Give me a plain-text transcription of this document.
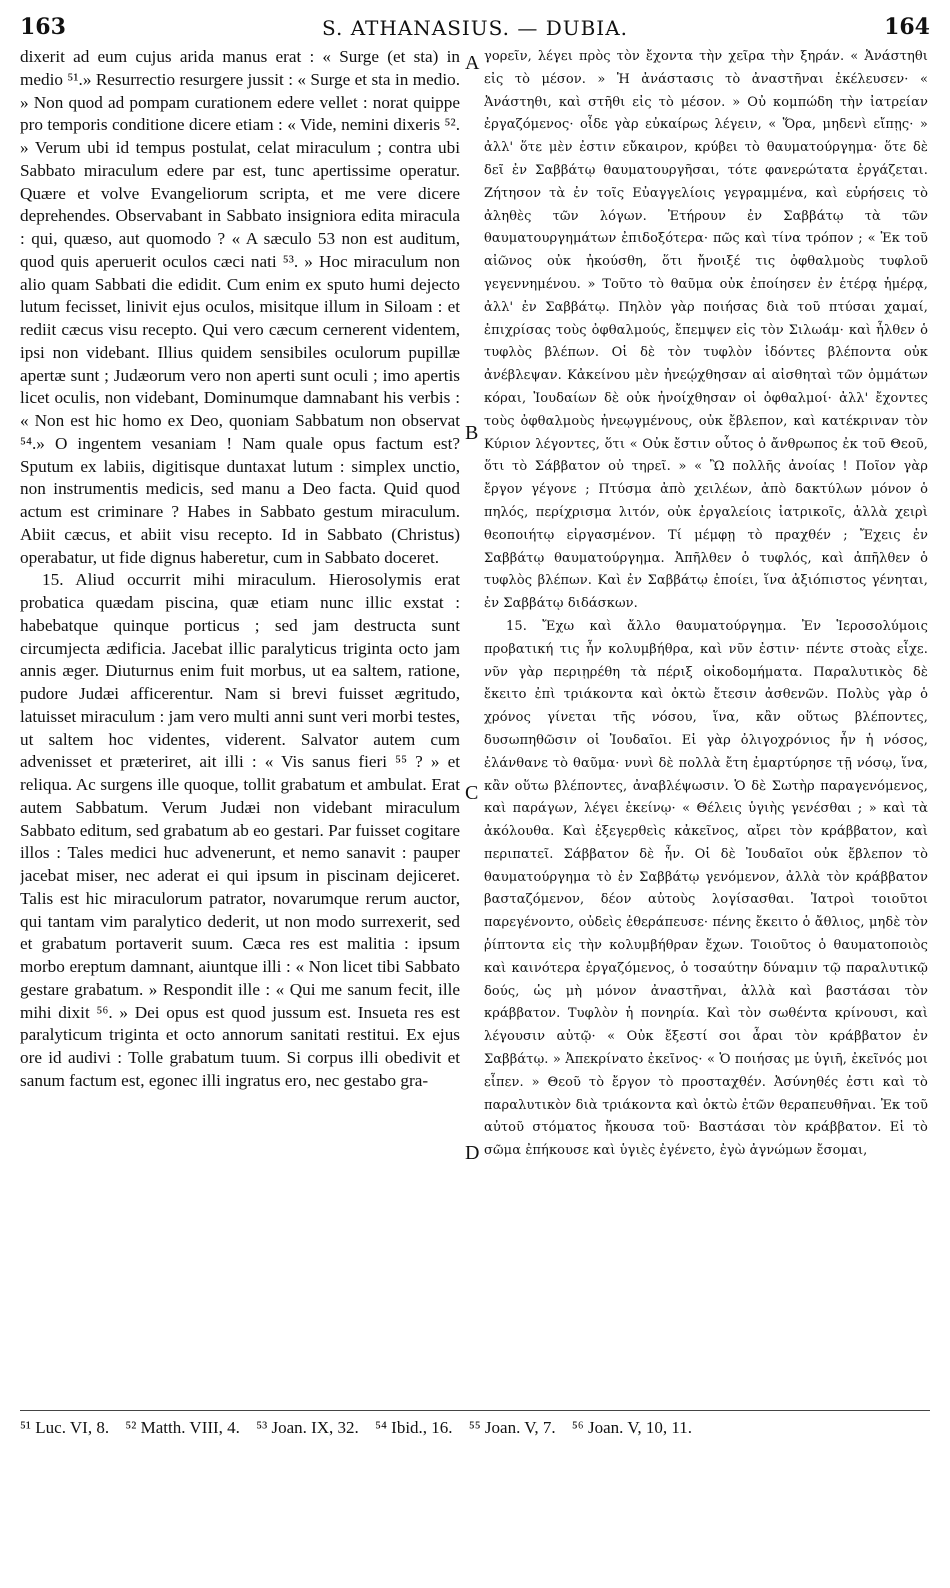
163	S. ATHANASIUS. — DUBIA.	164

dixerit ad eum cujus arida manus erat : « Surge (et sta) in medio ⁵¹.» Resurrectio resurgere jussit : « Surge et sta in medio. » Non quod ad pompam curationem edere vellet : norat quippe pro temporis conditione dicere etiam : « Vide, nemini dixeris ⁵². » Verum ubi id tempus postulat, celat miraculum ; contra ubi Sabbato miraculum edere par est, tunc apertissime operatur. Quære et volve Evangeliorum scripta, et me vere dicere deprehendes. Observabant in Sabbato insigniora edita miracula : qui, quæso, aut quomodo ? « A sæculo 53 non est auditum, quod quis aperuerit oculos cæci nati ⁵³. » Hoc miraculum non alio quam Sabbati die edidit. Cum enim ex sputo humi dejecto lutum fecisset, linivit ejus oculos, misitque illum in Siloam : et rediit cæcus visu recepto. Qui vero cæcum cernerent videntem, ipsi non videbant. Illius quidem sensibiles oculorum pupillæ apertæ sunt ; Judæorum vero non aperti sunt oculi ; imo apertis licet oculis, non videbant, Dominumque damnabant his verbis : « Non est hic homo ex Deo, quoniam Sabbatum non observat ⁵⁴.» O ingentem vesaniam ! Nam quale opus factum est? Sputum ex labiis, digitisque duntaxat lutum : simplex unctio, non instrumentis medicis, sed manu a Deo facta. Quid quod actum est criminare ? Habes in Sabbato gestum miraculum. Abiit cæcus, et abiit visu recepto. Id in Sabbato (Christus) operabatur, ut fide dignus haberetur, cum in Sabbato doceret.

15. Aliud occurrit mihi miraculum. Hierosolymis erat probatica quædam piscina, quæ etiam nunc illic exstat : habebatque quinque porticus ; sed jam destructa sunt circumjecta ædificia. Jacebat illic paralyticus triginta octo jam annis æger. Diuturnus enim fuit morbus, ut ea saltem, ratione, pudore Judæi afficerentur. Nam si brevi fuisset ægritudo, latuisset miraculum : jam vero multi anni sunt veri morbi testes, ut saltem hoc videntes, viderent. Salvator autem cum advenisset et præteriret, ait illi : « Vis sanus fieri ⁵⁵ ? » et reliqua. Ac surgens ille quoque, tollit grabatum et ambulat. Erat autem Sabbatum. Verum Judæi non videbant miraculum Sabbato editum, sed grabatum ab eo gestari. Par fuisset cogitare illos : Tales medici huc advenerunt, et nemo sanavit : pauper jacebat miser, nec aderat ei qui ipsum in piscinam dejiceret. Talis est hic miraculorum patrator, novarumque rerum auctor, qui tantam vim paralytico dederit, ut non modo surrexerit, sed et grabatum portaverit suum. Cæca res est malitia : ipsum morbo ereptum damnant, aiuntque illi : « Non licet tibi Sabbato gestare grabatum. » Respondit ille : « Qui me sanum fecit, ille mihi dixit ⁵⁶. » Dei opus est quod jussum est. Insueta res est paralyticum triginta et octo annorum sanitati restitui. Ex ejus ore id audivi : Tolle grabatum tuum. Si corpus illi obedivit et sanum factum est, egonec illi ingratus ero, nec gestabo gra-

A
B
C
D

γορεῖν, λέγει πρὸς τὸν ἔχοντα τὴν χεῖρα τὴν ξηράν. « Ἀνάστηθι εἰς τὸ μέσον. » Ἡ ἀνάστασις τὸ ἀναστῆναι ἐκέλευσεν· « Ἀνάστηθι, καὶ στῆθι εἰς τὸ μέσον. » Οὐ κομπώδη τὴν ἰατρείαν ἐργαζόμενος· οἶδε γὰρ εὐκαίρως λέγειν, « Ὅρα, μηδενὶ εἴπῃς· » ἀλλ' ὅτε μὲν ἐστιν εὔκαιρον, κρύβει τὸ θαυματούργημα· ὅτε δὲ δεῖ ἐν Σαββάτῳ θαυματουργῆσαι, τότε φανερώτατα ἐργάζεται. Ζήτησον τὰ ἐν τοῖς Εὐαγγελίοις γεγραμμένα, καὶ εὑρήσεις τὸ ἀληθὲς τῶν λόγων. Ἐτήρουν ἐν Σαββάτῳ τὰ τῶν θαυματουργημάτων ἐπιδοξότερα· πῶς καὶ τίνα τρόπον ; « Ἐκ τοῦ αἰῶνος οὐκ ἠκούσθη, ὅτι ἤνοιξέ τις ὀφθαλμοὺς τυφλοῦ γεγεννημένου. » Τοῦτο τὸ θαῦμα οὐκ ἐποίησεν ἐν ἑτέρᾳ ἡμέρᾳ, ἀλλ' ἐν Σαββάτῳ. Πηλὸν γὰρ ποιήσας διὰ τοῦ πτύσαι χαμαί, ἐπιχρίσας τοὺς ὀφθαλμούς, ἔπεμψεν εἰς τὸν Σιλωάμ· καὶ ἦλθεν ὁ τυφλὸς βλέπων. Οἱ δὲ τὸν τυφλὸν ἰδόντες βλέποντα οὐκ ἀνέβλεψαν. Κἀκείνου μὲν ἠνεῴχθησαν αἱ αἰσθηταὶ τῶν ὀμμάτων κόραι, Ἰουδαίων δὲ οὐκ ἠνοίχθησαν οἱ ὀφθαλμοί· ἀλλ' ἔχοντες τοὺς ὀφθαλμοὺς ἠνεῳγμένους, οὐκ ἔβλεπον, καὶ κατέκριναν τὸν Κύριον λέγοντες, ὅτι « Οὐκ ἔστιν οὗτος ὁ ἄνθρωπος ἐκ τοῦ Θεοῦ, ὅτι τὸ Σάββατον οὐ τηρεῖ. » « Ὢ πολλῆς ἀνοίας ! Ποῖον γὰρ ἔργον γέγονε ; Πτύσμα ἀπὸ χειλέων, ἀπὸ δακτύλων μόνον ὁ πηλός, περίχρισμα λιτόν, οὐκ ἐργαλείοις ἰατρικοῖς, ἀλλὰ χειρὶ θεοποιήτῳ εἰργασμένον. Τί μέμφῃ τὸ πραχθέν ; Ἔχεις ἐν Σαββάτῳ θαυματούργημα. Ἀπῆλθεν ὁ τυφλός, καὶ ἀπῆλθεν ὁ τυφλὸς βλέπων. Καὶ ἐν Σαββάτῳ ἐποίει, ἵνα ἀξιόπιστος γένηται, ἐν Σαββάτῳ διδάσκων.

15. Ἔχω καὶ ἄλλο θαυματούργημα. Ἐν Ἱεροσολύμοις προβατική τις ἦν κολυμβήθρα, καὶ νῦν ἐστιν· πέντε στοὰς εἶχε. νῦν γὰρ περιῃρέθη τὰ πέριξ οἰκοδομήματα. Παραλυτικὸς δὲ ἔκειτο ἐπὶ τριάκοντα καὶ ὀκτὼ ἔτεσιν ἀσθενῶν. Πολὺς γὰρ ὁ χρόνος γίνεται τῆς νόσου, ἵνα, κἂν οὕτως βλέποντες, δυσωπηθῶσιν οἱ Ἰουδαῖοι. Εἰ γὰρ ὀλιγοχρόνιος ἦν ἡ νόσος, ἐλάνθανε τὸ θαῦμα· νυνὶ δὲ πολλὰ ἔτη ἐμαρτύρησε τῇ νόσῳ, ἵνα, κἂν οὕτω βλέποντες, ἀναβλέψωσιν. Ὁ δὲ Σωτὴρ παραγενόμενος, καὶ παράγων, λέγει ἐκείνῳ· « Θέλεις ὑγιὴς γενέσθαι ; » καὶ τὰ ἀκόλουθα. Καὶ ἐξεγερθεὶς κἀκεῖνος, αἴρει τὸν κράββατον, καὶ περιπατεῖ. Σάββατον δὲ ἦν. Οἱ δὲ Ἰουδαῖοι οὐκ ἔβλεπον τὸ θαυματούργημα τὸ ἐν Σαββάτῳ γενόμενον, ἀλλὰ τὸν κράββατον βασταζόμενον, δέον αὐτοὺς λογίσασθαι. Ἰατροὶ τοιοῦτοι παρεγένοντο, οὐδεὶς ἐθεράπευσε· πένης ἔκειτο ὁ ἄθλιος, μηδὲ τὸν ῥίπτοντα εἰς τὴν κολυμβήθραν ἔχων. Τοιοῦτος ὁ θαυματοποιὸς καὶ καινότερα ἐργαζόμενος, ὁ τοσαύτην δύναμιν τῷ παραλυτικῷ δούς, ὡς μὴ μόνον ἀναστῆναι, ἀλλὰ καὶ βαστάσαι τὸν κράββατον. Τυφλὸν ἡ πονηρία. Καὶ τὸν σωθέντα κρίνουσι, καὶ λέγουσιν αὐτῷ· « Οὐκ ἔξεστί σοι ἆραι τὸν κράββατον ἐν Σαββάτῳ. » Ἀπεκρίνατο ἐκεῖνος· « Ὁ ποιήσας με ὑγιῆ, ἐκεῖνός μοι εἶπεν. » Θεοῦ τὸ ἔργον τὸ προσταχθέν. Ἀσύνηθές ἐστι καὶ τὸ παραλυτικὸν διὰ τριάκοντα καὶ ὀκτὼ ἐτῶν θεραπευθῆναι. Ἐκ τοῦ αὐτοῦ στόματος ἤκουσα τοῦ· Βαστάσαι τὸν κράββατον. Εἰ τὸ σῶμα ἐπήκουσε καὶ ὑγιὲς ἐγένετο, ἐγὼ ἀγνώμων ἔσομαι,

⁵¹ Luc. VI, 8. ⁵² Matth. VIII, 4. ⁵³ Joan. IX, 32. ⁵⁴ Ibid., 16. ⁵⁵ Joan. V, 7. ⁵⁶ Joan. V, 10, 11.
